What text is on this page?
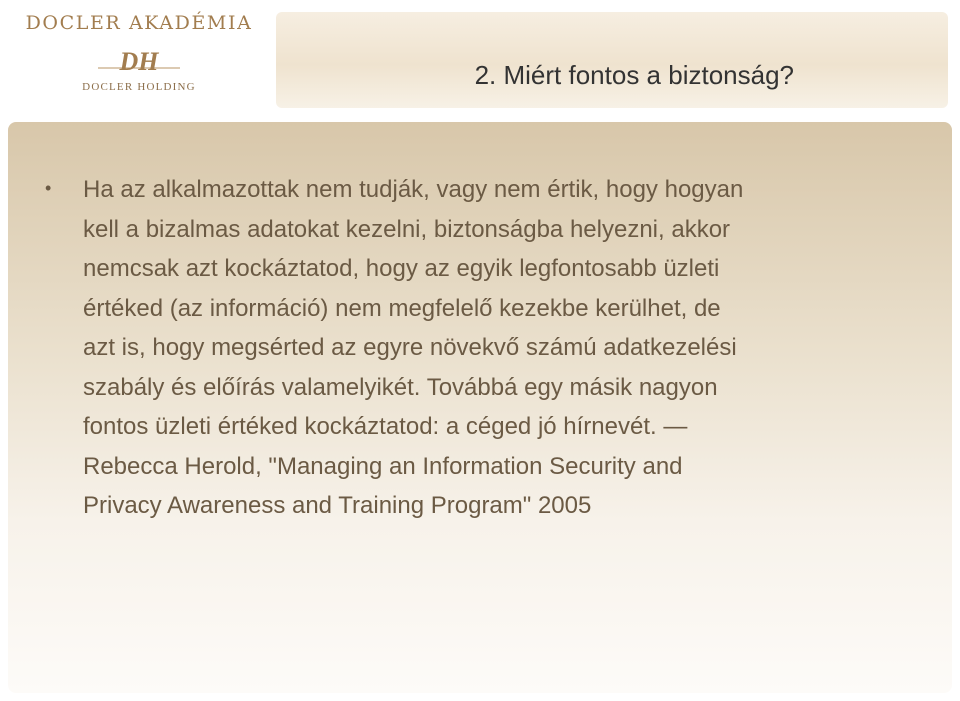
DOCLER AKADÉMIA
DH
DOCLER HOLDING	2. Miért fontos a biztonság?
• Ha az alkalmazottak nem tudják, vagy nem értik, hogy hogyan
kell a bizalmas adatokat kezelni, biztonságba helyezni, akkor
nemcsak azt kockáztatod, hogy az egyik legfontosabb üzleti
értéked (az információ) nem megfelelő kezekbe kerülhet, de
azt is, hogy megsérted az egyre növekvő számú adatkezelési
szabály és előírás valamelyikét. Továbbá egy másik nagyon
fontos üzleti értéked kockáztatod: a céged jó hírnevét. —
Rebecca Herold, "Managing an Information Security and
Privacy Awareness and Training Program" 2005
